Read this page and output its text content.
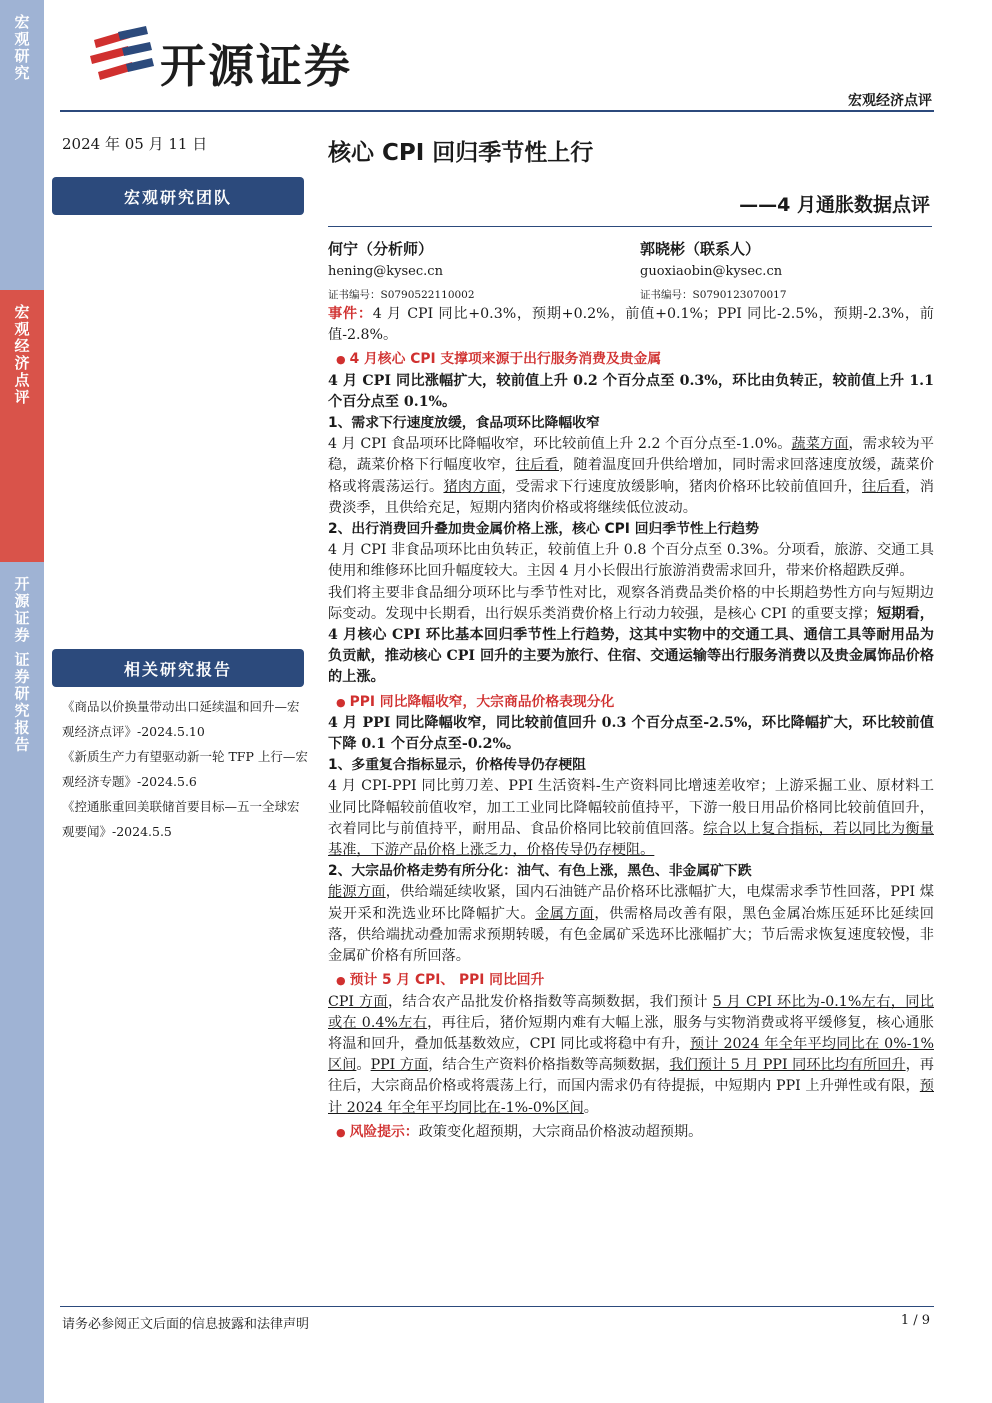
宏观研究
宏观经济点评
开源证券 证券研究报告
开源证券
宏观经济点评
2024 年 05 月 11 日
宏观研究团队
相关研究报告
《商品以价换量带动出口延续温和回升—宏观经济点评》-2024.5.10
《新质生产力有望驱动新一轮 TFP 上行—宏观经济专题》-2024.5.6
《控通胀重回美联储首要目标—五一全球宏观要闻》-2024.5.5
核心 CPI 回归季节性上行
——4 月通胀数据点评
何宁（分析师）
hening@kysec.cn
证书编号：S0790522110002
郭晓彬（联系人）
guoxiaobin@kysec.cn
证书编号：S0790123070017

事件：4 月 CPI 同比+0.3%，预期+0.2%，前值+0.1%；PPI 同比-2.5%，预期-2.3%，前值-2.8%。

● 4 月核心 CPI 支撑项来源于出行服务消费及贵金属

4 月 CPI 同比涨幅扩大，较前值上升 0.2 个百分点至 0.3%，环比由负转正，较前值上升 1.1 个百分点至 0.1%。

1、需求下行速度放缓，食品项环比降幅收窄

4 月 CPI 食品项环比降幅收窄，环比较前值上升 2.2 个百分点至-1.0%。蔬菜方面，需求较为平稳，蔬菜价格下行幅度收窄，往后看，随着温度回升供给增加，同时需求回落速度放缓，蔬菜价格或将震荡运行。猪肉方面，受需求下行速度放缓影响，猪肉价格环比较前值回升，往后看，消费淡季，且供给充足，短期内猪肉价格或将继续低位波动。

2、出行消费回升叠加贵金属价格上涨，核心 CPI 回归季节性上行趋势

4 月 CPI 非食品项环比由负转正，较前值上升 0.8 个百分点至 0.3%。分项看，旅游、交通工具使用和维修环比回升幅度较大。主因 4 月小长假出行旅游消费需求回升，带来价格超跌反弹。

我们将主要非食品细分项环比与季节性对比，观察各消费品类价格的中长期趋势性方向与短期边际变动。发现中长期看，出行娱乐类消费价格上行动力较强，是核心 CPI 的重要支撑；短期看，4 月核心 CPI 环比基本回归季节性上行趋势，这其中实物中的交通工具、通信工具等耐用品为负贡献，推动核心 CPI 回升的主要为旅行、住宿、交通运输等出行服务消费以及贵金属饰品价格的上涨。

● PPI 同比降幅收窄，大宗商品价格表现分化

4 月 PPI 同比降幅收窄，同比较前值回升 0.3 个百分点至-2.5%，环比降幅扩大，环比较前值下降 0.1 个百分点至-0.2%。

1、多重复合指标显示，价格传导仍存梗阻

4 月 CPI-PPI 同比剪刀差、PPI 生活资料-生产资料同比增速差收窄；上游采掘工业、原材料工业同比降幅较前值收窄，加工工业同比降幅较前值持平，下游一般日用品价格同比较前值回升，衣着同比与前值持平，耐用品、食品价格同比较前值回落。综合以上复合指标，若以同比为衡量基准，下游产品价格上涨乏力，价格传导仍存梗阻。

2、大宗品价格走势有所分化：油气、有色上涨，黑色、非金属矿下跌

能源方面，供给端延续收紧，国内石油链产品价格环比涨幅扩大，电煤需求季节性回落，PPI 煤炭开采和洗选业环比降幅扩大。金属方面，供需格局改善有限，黑色金属冶炼压延环比延续回落，供给端扰动叠加需求预期转暖，有色金属矿采选环比涨幅扩大；节后需求恢复速度较慢，非金属矿价格有所回落。

● 预计 5 月 CPI、 PPI 同比回升

CPI 方面，结合农产品批发价格指数等高频数据，我们预计 5 月 CPI 环比为-0.1%左右，同比或在 0.4%左右，再往后，猪价短期内难有大幅上涨，服务与实物消费或将平缓修复，核心通胀将温和回升，叠加低基数效应，CPI 同比或将稳中有升，预计 2024 年全年平均同比在 0%-1%区间。PPI 方面，结合生产资料价格指数等高频数据，我们预计 5 月 PPI 同环比均有所回升，再往后，大宗商品价格或将震荡上行，而国内需求仍有待提振，中短期内 PPI 上升弹性或有限，预计 2024 年全年平均同比在-1%-0%区间。

● 风险提示：政策变化超预期，大宗商品价格波动超预期。

请务必参阅正文后面的信息披露和法律声明	1 / 9
